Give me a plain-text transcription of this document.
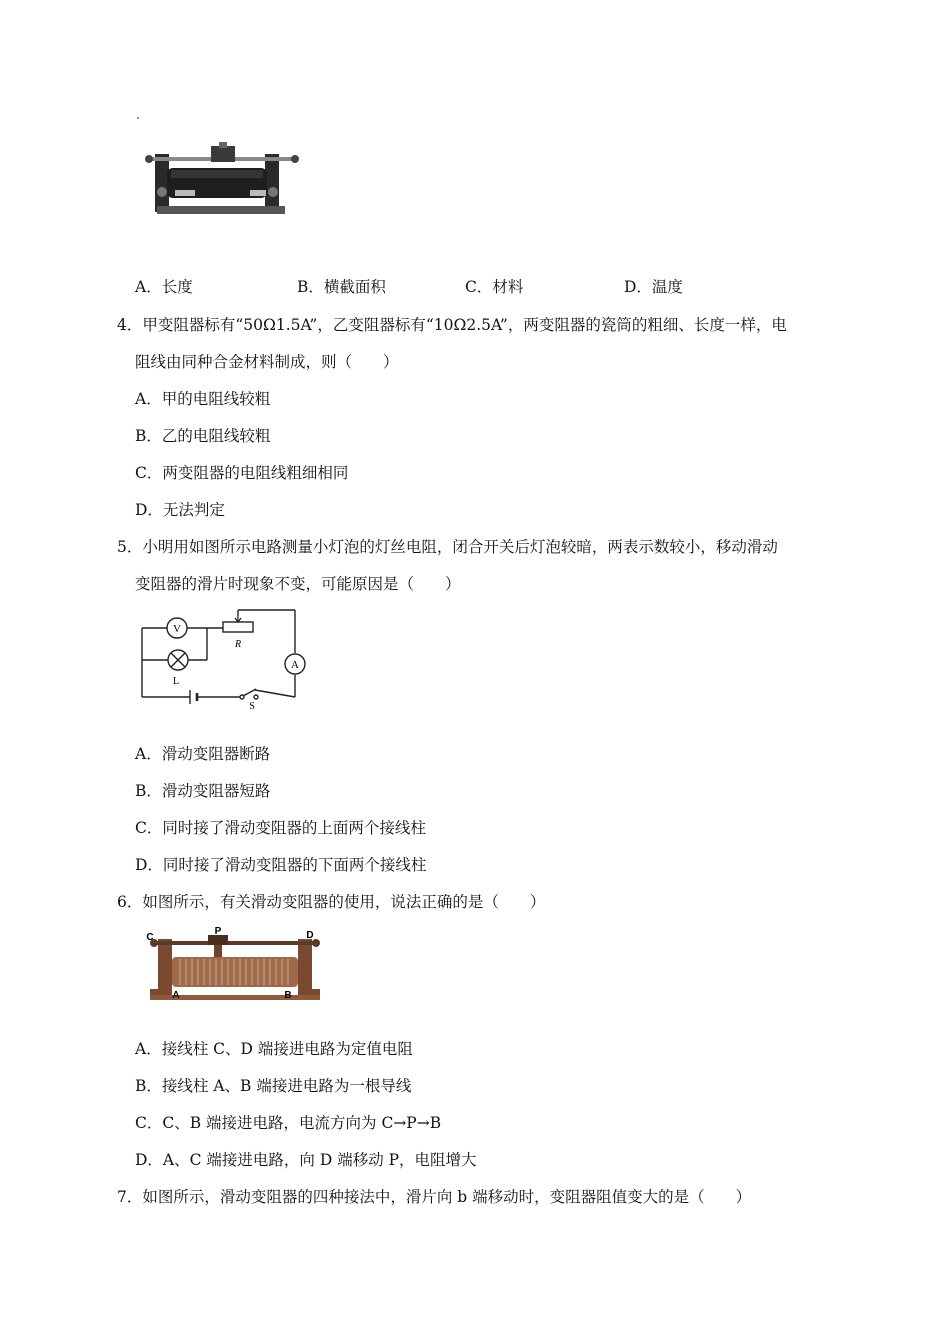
A．长度	B．横截面积	C．材料	D．温度
4．甲变阻器标有“50Ω1.5A”，乙变阻器标有“10Ω2.5A”，两变阻器的瓷筒的粗细、长度一样，电
阻线由同种合金材料制成，则（　　）
A．甲的电阻线较粗
B．乙的电阻线较粗
C．两变阻器的电阻线粗细相同
D．无法判定
5．小明用如图所示电路测量小灯泡的灯丝电阻，闭合开关后灯泡较暗，两表示数较小，移动滑动
变阻器的滑片时现象不变，可能原因是（　　）
V
L
A
R
S
A．滑动变阻器断路
B．滑动变阻器短路
C．同时接了滑动变阻器的上面两个接线柱
D．同时接了滑动变阻器的下面两个接线柱
6．如图所示，有关滑动变阻器的使用，说法正确的是（　　）
C
P	D
A	B
A．接线柱 C、D 端接进电路为定值电阻
B．接线柱 A、B 端接进电路为一根导线
C．C、B 端接进电路，电流方向为 C→P→B
D．A、C 端接进电路，向 D 端移动 P，电阻增大
7．如图所示，滑动变阻器的四种接法中，滑片向 b 端移动时，变阻器阻值变大的是（　　）
